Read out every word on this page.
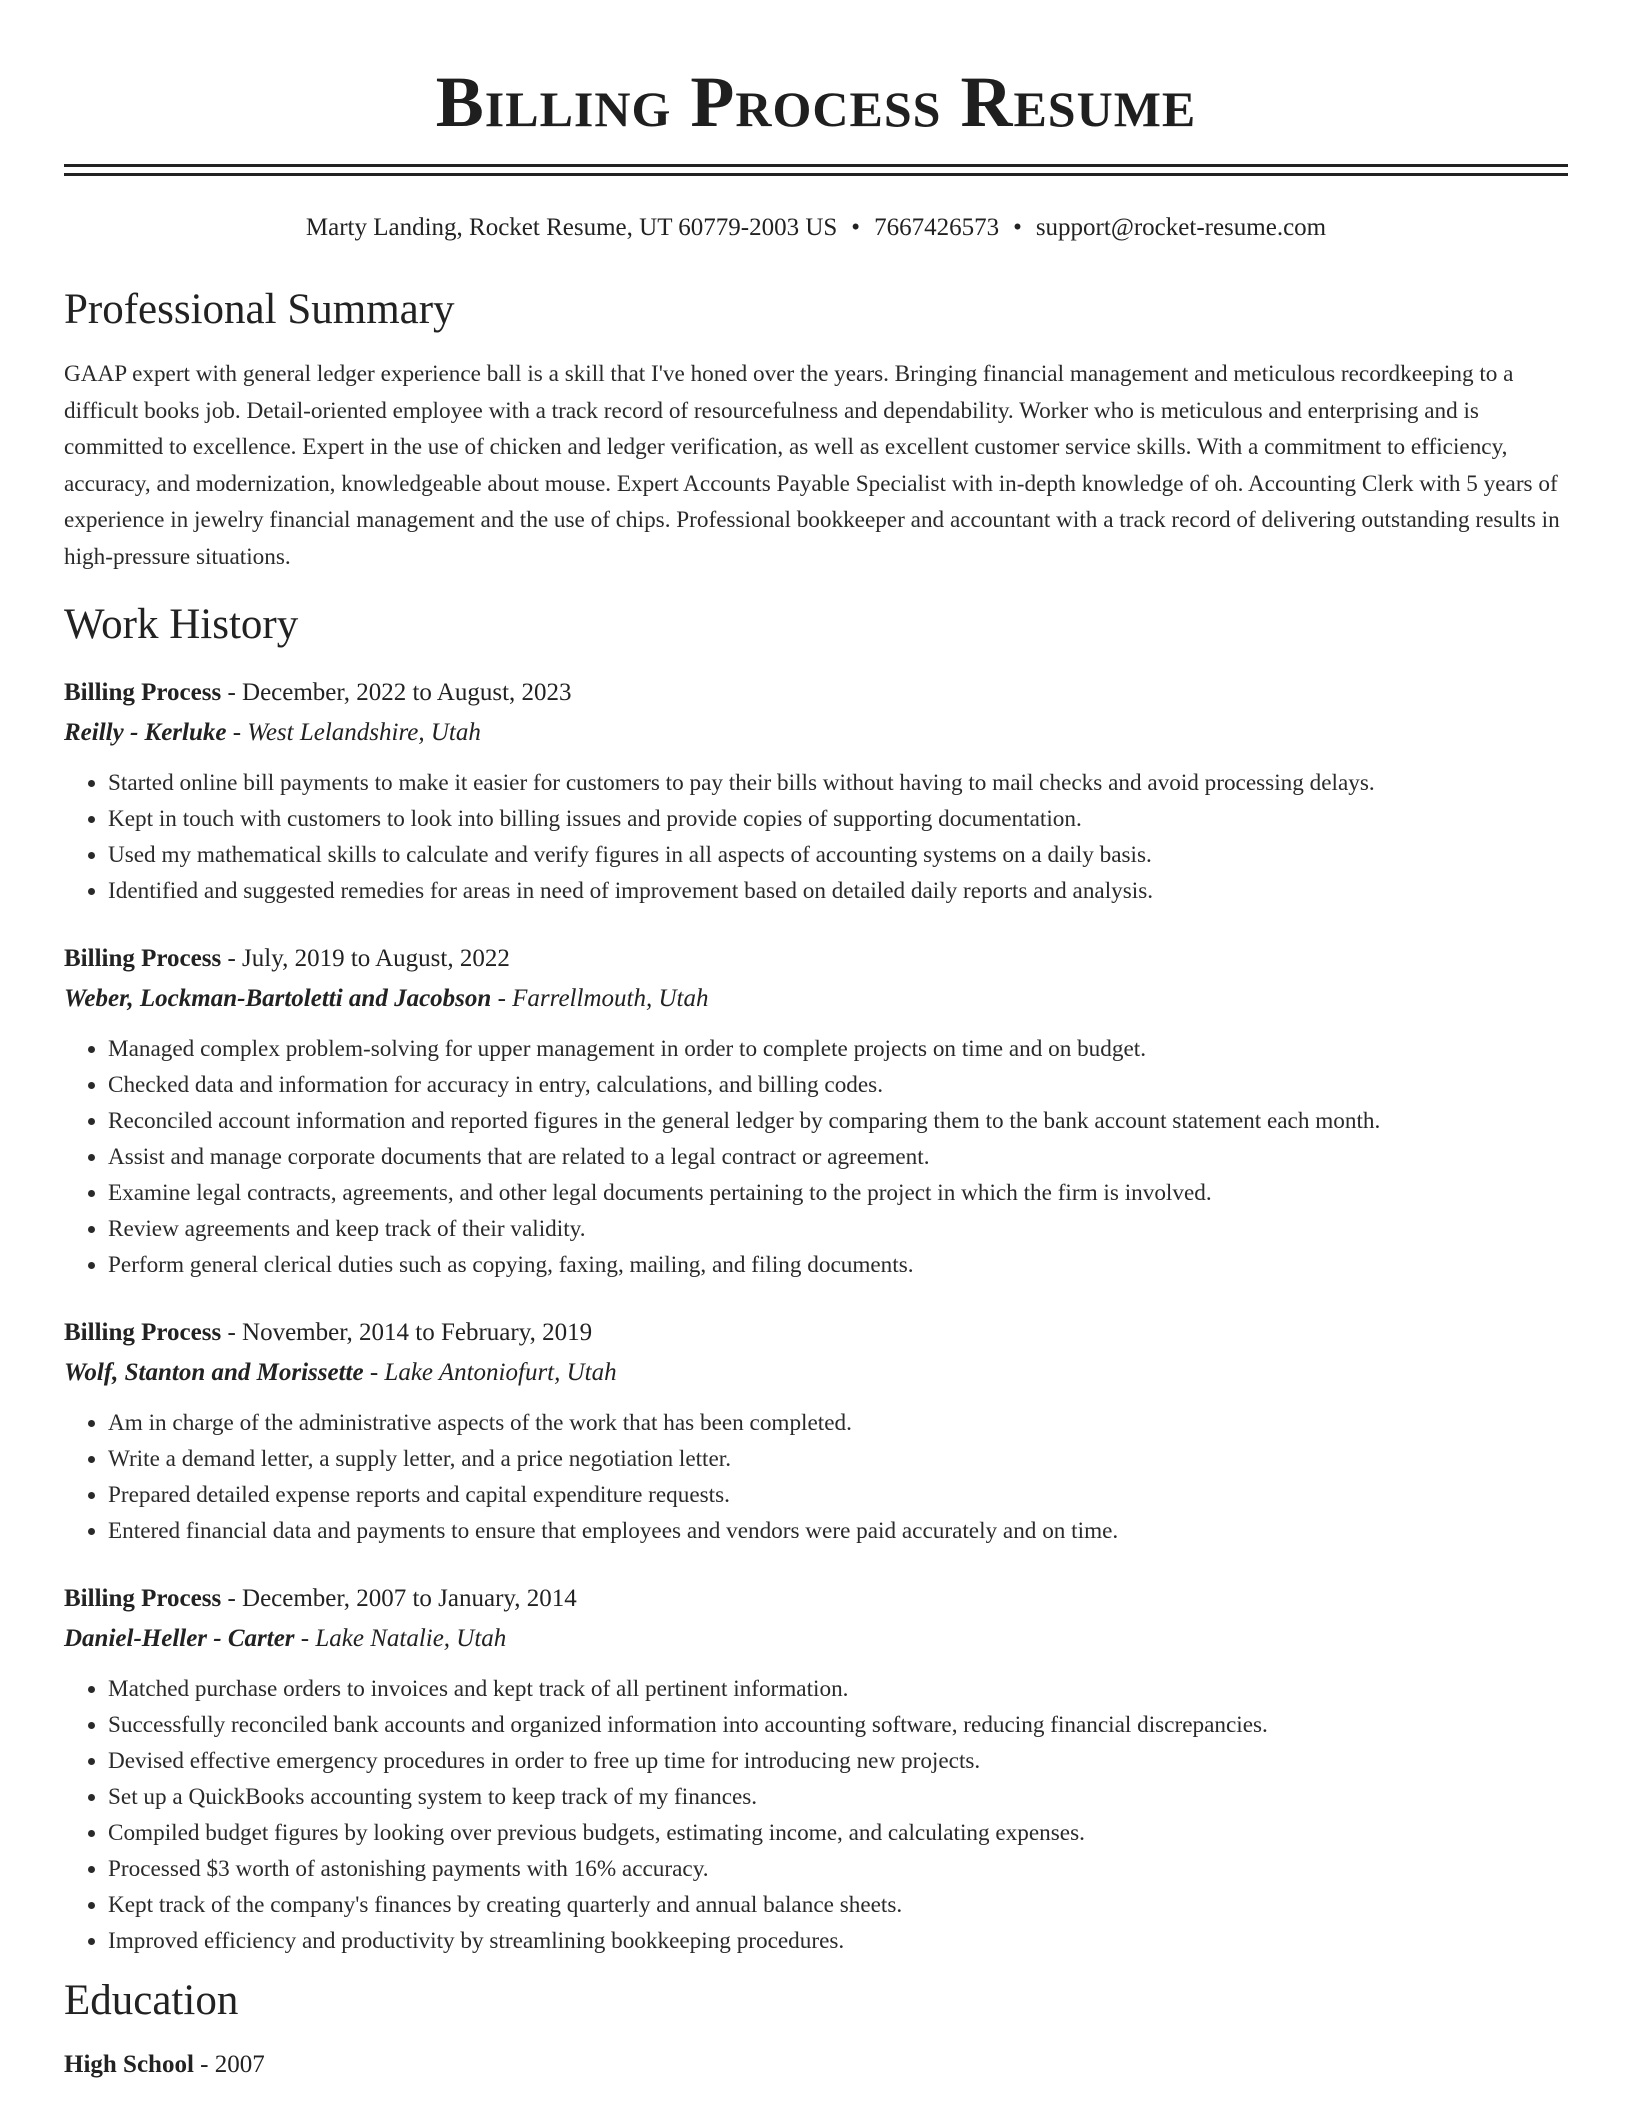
Billing Process Resume
Marty Landing, Rocket Resume, UT 60779-2003 US • 7667426573 • support@rocket-resume.com
Professional Summary

GAAP expert with general ledger experience ball is a skill that I've honed over the years. Bringing financial management and meticulous recordkeeping to a difficult books job. Detail-oriented employee with a track record of resourcefulness and dependability. Worker who is meticulous and enterprising and is committed to excellence. Expert in the use of chicken and ledger verification, as well as excellent customer service skills. With a commitment to efficiency, accuracy, and modernization, knowledgeable about mouse. Expert Accounts Payable Specialist with in-depth knowledge of oh. Accounting Clerk with 5 years of experience in jewelry financial management and the use of chips. Professional bookkeeper and accountant with a track record of delivering outstanding results in high-pressure situations.

Work History
Billing Process - December, 2022 to August, 2023
Reilly - Kerluke - West Lelandshire, Utah
• Started online bill payments to make it easier for customers to pay their bills without having to mail checks and avoid processing delays.
• Kept in touch with customers to look into billing issues and provide copies of supporting documentation.
• Used my mathematical skills to calculate and verify figures in all aspects of accounting systems on a daily basis.
• Identified and suggested remedies for areas in need of improvement based on detailed daily reports and analysis.
Billing Process - July, 2019 to August, 2022
Weber, Lockman-Bartoletti and Jacobson - Farrellmouth, Utah
• Managed complex problem-solving for upper management in order to complete projects on time and on budget.
• Checked data and information for accuracy in entry, calculations, and billing codes.
• Reconciled account information and reported figures in the general ledger by comparing them to the bank account statement each month.
• Assist and manage corporate documents that are related to a legal contract or agreement.
• Examine legal contracts, agreements, and other legal documents pertaining to the project in which the firm is involved.
• Review agreements and keep track of their validity.
• Perform general clerical duties such as copying, faxing, mailing, and filing documents.
Billing Process - November, 2014 to February, 2019
Wolf, Stanton and Morissette - Lake Antoniofurt, Utah
• Am in charge of the administrative aspects of the work that has been completed.
• Write a demand letter, a supply letter, and a price negotiation letter.
• Prepared detailed expense reports and capital expenditure requests.
• Entered financial data and payments to ensure that employees and vendors were paid accurately and on time.
Billing Process - December, 2007 to January, 2014
Daniel-Heller - Carter - Lake Natalie, Utah
• Matched purchase orders to invoices and kept track of all pertinent information.
• Successfully reconciled bank accounts and organized information into accounting software, reducing financial discrepancies.
• Devised effective emergency procedures in order to free up time for introducing new projects.
• Set up a QuickBooks accounting system to keep track of my finances.
• Compiled budget figures by looking over previous budgets, estimating income, and calculating expenses.
• Processed $3 worth of astonishing payments with 16% accuracy.
• Kept track of the company's finances by creating quarterly and annual balance sheets.
• Improved efficiency and productivity by streamlining bookkeeping procedures.
Education
High School - 2007
